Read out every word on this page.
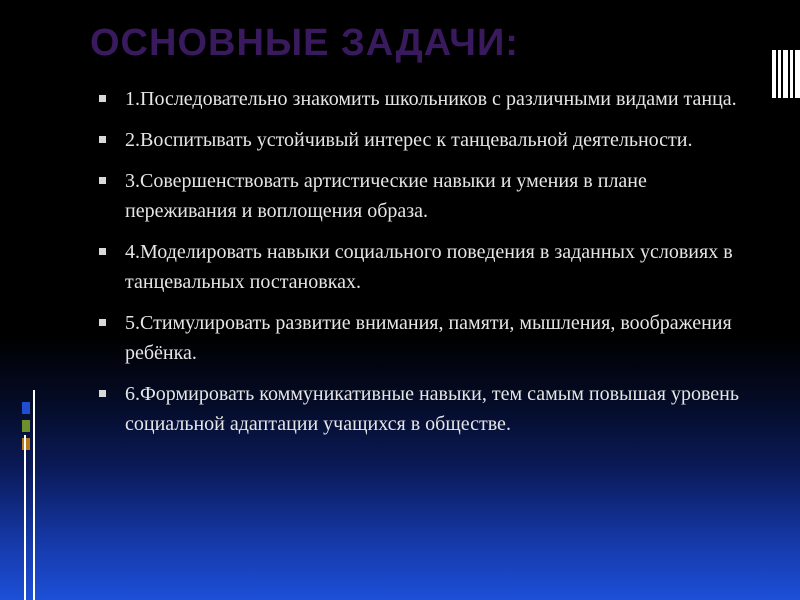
ОСНОВНЫЕ ЗАДАЧИ:
1.Последовательно знакомить школьников с различными видами танца.
2.Воспитывать устойчивый интерес к танцевальной деятельности.
3.Совершенствовать артистические навыки и умения в плане переживания и воплощения образа.
4.Моделировать навыки социального поведения в заданных условиях в танцевальных постановках.
5.Стимулировать развитие внимания, памяти, мышления, воображения ребёнка.
6.Формировать коммуникативные навыки, тем самым повышая уровень социальной адаптации учащихся в обществе.
